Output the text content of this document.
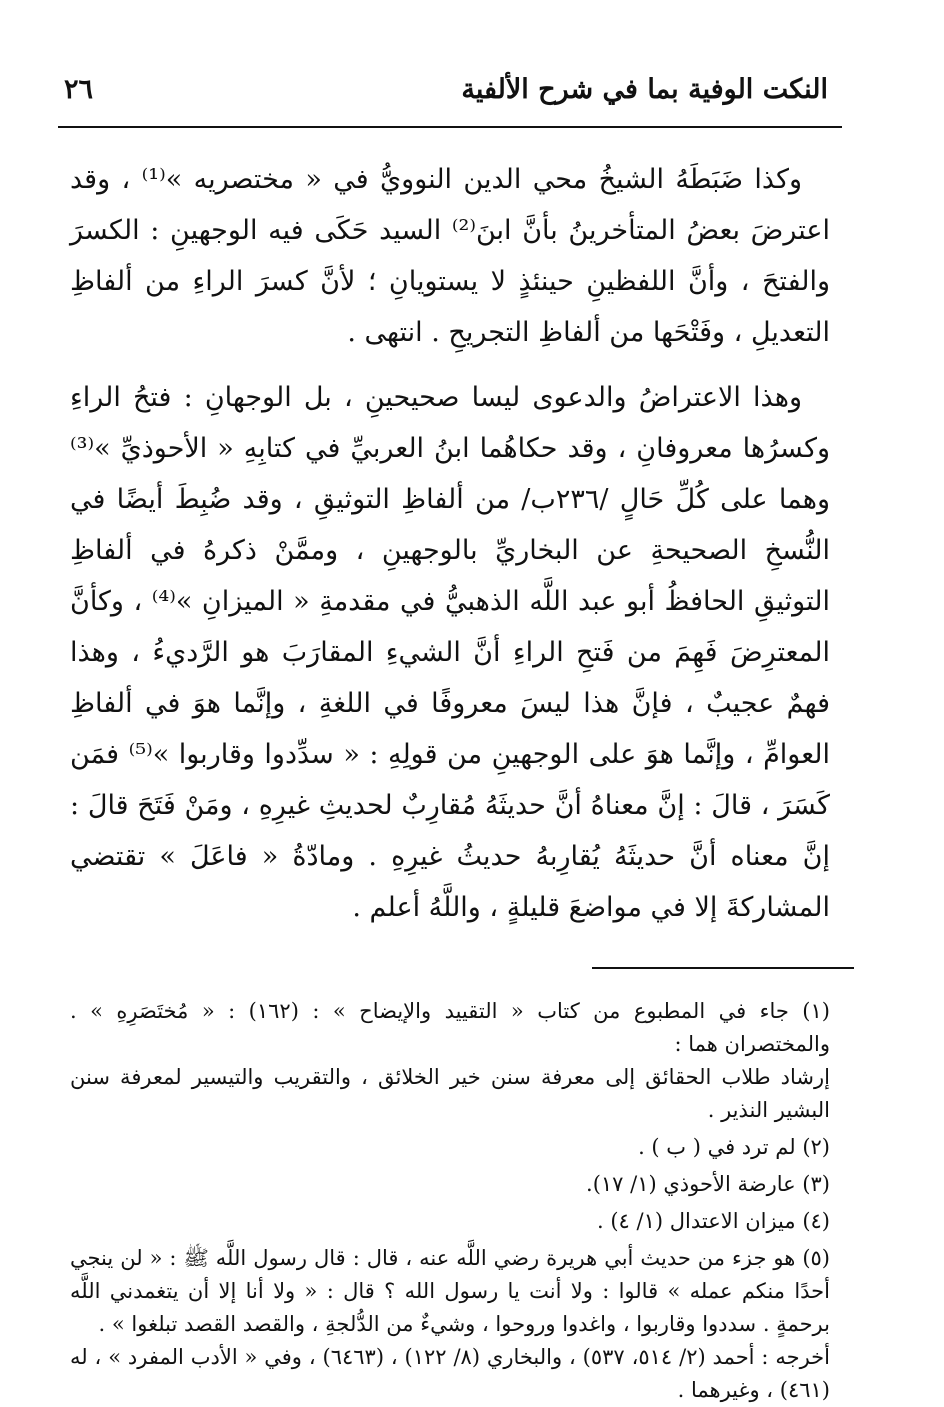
النكت الوفية بما في شرح الألفية
٢٦

وكذا ضَبَطَهُ الشيخُ محي الدين النوويُّ في « مختصريه »⁽¹⁾ ، وقد اعترضَ بعضُ المتأخرينُ بأنَّ ابنَ⁽²⁾ السيد حَكَى فيه الوجهينِ : الكسرَ والفتحَ ، وأنَّ اللفظينِ حينئذٍ لا يستويانِ ؛ لأنَّ كسرَ الراءِ من ألفاظِ التعديلِ ، وفَتْحَها من ألفاظِ التجريحِ . انتهى .

وهذا الاعتراضُ والدعوى ليسا صحيحينِ ، بل الوجهانِ : فتحُ الراءِ وكسرُها معروفانِ ، وقد حكاهُما ابنُ العربيِّ في كتابِهِ « الأحوذيِّ »⁽³⁾ وهما على كُلِّ حَالٍ /٢٣٦ب/ من ألفاظِ التوثيقِ ، وقد ضُبِطَ أيضًا في النُّسخِ الصحيحةِ عن البخاريِّ بالوجهينِ ، وممَّنْ ذكرهُ في ألفاظِ التوثيقِ الحافظُ أبو عبد اللَّه الذهبيُّ في مقدمةِ « الميزانِ »⁽⁴⁾ ، وكأنَّ المعترِضَ فَهِمَ من فَتحِ الراءِ أنَّ الشيءِ المقارَبَ هو الرَّديءُ ، وهذا فهمٌ عجيبٌ ، فإنَّ هذا ليسَ معروفًا في اللغةِ ، وإنَّما هوَ في ألفاظِ العوامِّ ، وإنَّما هوَ على الوجهينِ من قولِهِ : « سدِّدوا وقاربوا »⁽⁵⁾ فمَن كَسَرَ ، قالَ : إنَّ معناهُ أنَّ حديثَهُ مُقارِبٌ لحديثِ غيرِهِ ، ومَنْ فَتَحَ قالَ : إنَّ معناه أنَّ حديثَهُ يُقارِبهُ حديثُ غيرِهِ . ومادّةُ « فاعَلَ » تقتضي المشاركةَ إلا في مواضعَ قليلةٍ ، واللَّهُ أعلم .

(١) جاء في المطبوع من كتاب « التقييد والإيضاح » : (١٦٢) : « مُختَصَرِهِ » . والمختصران هما :
إرشاد طلاب الحقائق إلى معرفة سنن خير الخلائق ، والتقريب والتيسير لمعرفة سنن البشير النذير .

(٢) لم ترد في ( ب ) .

(٣) عارضة الأحوذي (١/ ١٧).

(٤) ميزان الاعتدال (١/ ٤) .

(٥) هو جزء من حديث أبي هريرة رضي اللَّه عنه ، قال : قال رسول اللَّه ﷺ : « لن ينجي أحدًا منكم عمله » قالوا : ولا أنت يا رسول الله ؟ قال : « ولا أنا إلا أن يتغمدني اللَّه برحمةٍ . سددوا وقاربوا ، واغدوا وروحوا ، وشيءٌ من الدُّلجةِ ، والقصد القصد تبلغوا » .
أخرجه : أحمد (٢/ ٥١٤، ٥٣٧) ، والبخاري (٨/ ١٢٢) ، (٦٤٦٣) ، وفي « الأدب المفرد » ، له (٤٦١) ، وغيرهما .
